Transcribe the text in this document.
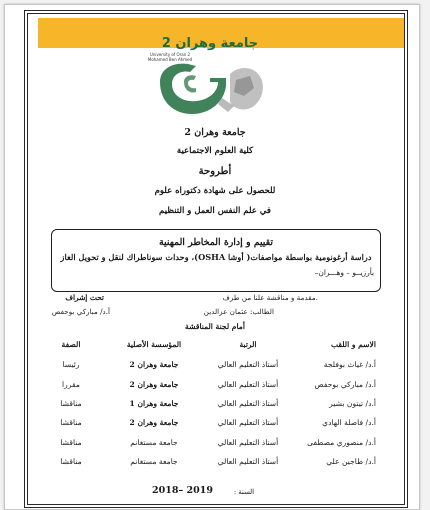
جامعة وهران 2
University of Oran 2
Mohamed Ben Ahmed
جامعة وهران 2
كلية العلوم الاجتماعية
أطروحة
للحصول على شهادة دكتوراه علوم
في علم النفس العمل و التنظيم
تقييم و إدارة المخاطر المهنية
دراسة أرغونومية بواسطة مواصفات( أوشا OSHA)، وحدات سوناطراك لنقل و تحويل الغاز
بأرزيــو – وهـــران–
.مقدمة و مناقشة علنا من طرف
تحت إشراف
الطالب: عثمان عزالدين
أ.د/ مباركي بوحفص
أمام لجنة المناقشة
الاسم و اللقب
الرتبة
المؤسسة الأصلية
الصفة
أ.د/ غياث بوفلجة
أستاذ التعليم العالي
جامعة وهران 2
رئيسا
أ.د/ مباركي بوحفص
أستاذ التعليم العالي
جامعة وهران 2
مقررا
أ.د/ تيتون بشير
أستاذ التعليم العالي
جامعة وهران 1
مناقشا
أ.د/ فاصلة الهادي
أستاذ التعليم العالي
جامعة وهران 2
مناقشا
أ.د/ منصوري مصطفى
أستاذ التعليم العالي
جامعة مستغانم
مناقشا
أ.د/ طاجين علي
أستاذ التعليم العالي
جامعة مستغانم
مناقشا
السنة :
2018– 2019
